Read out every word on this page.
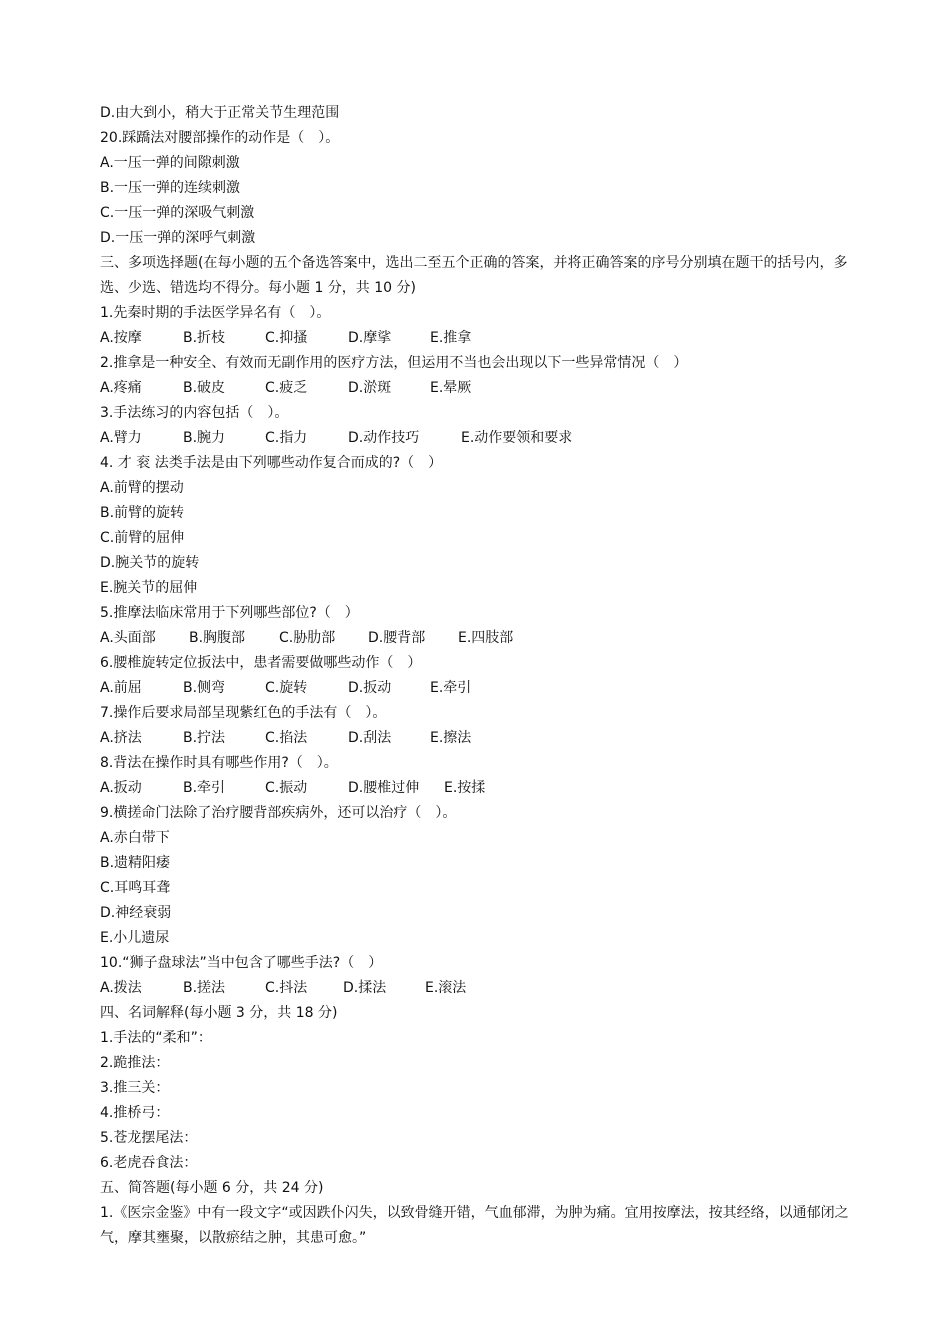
D.由大到小，稍大于正常关节生理范围
20.踩蹻法对腰部操作的动作是（　）。
A.一压一弹的间隙刺激
B.一压一弹的连续刺激
C.一压一弹的深吸气刺激
D.一压一弹的深呼气刺激

三、多项选择题(在每小题的五个备选答案中，选出二至五个正确的答案，并将正确答案的序号分别填在题干的括号内，多选、少选、错选均不得分。每小题 1 分，共 10 分)

1.先秦时期的手法医学异名有（　）。
A.按摩	B.折枝	C.抑搔	D.摩挲	E.推拿
2.推拿是一种安全、有效而无副作用的医疗方法，但运用不当也会出现以下一些异常情况（　）
A.疼痛	B.破皮	C.疲乏	D.淤斑	E.晕厥
3.手法练习的内容包括（　）。
A.臂力	B.腕力	C.指力	D.动作技巧	E.动作要领和要求
4. 才 衮 法类手法是由下列哪些动作复合而成的?（　）
A.前臂的摆动
B.前臂的旋转
C.前臂的屈伸
D.腕关节的旋转
E.腕关节的屈伸
5.推摩法临床常用于下列哪些部位?（　）
A.头面部 B.胸腹部 C.胁肋部 D.腰背部 E.四肢部
6.腰椎旋转定位扳法中，患者需要做哪些动作（　）
A.前屈	B.侧弯	C.旋转	D.扳动	E.牵引
7.操作后要求局部呈现紫红色的手法有（　）。
A.挤法	B.拧法	C.掐法	D.刮法	E.擦法
8.背法在操作时具有哪些作用?（　）。
A.扳动	B.牵引	C.振动	D.腰椎过伸 E.按揉
9.横搓命门法除了治疗腰背部疾病外，还可以治疗（　）。
A.赤白带下
B.遗精阳痿
C.耳鸣耳聋
D.神经衰弱
E.小儿遗尿
10.“狮子盘球法”当中包含了哪些手法?（　）
A.拨法	B.搓法	C.抖法	D.揉法	E.滚法
四、名词解释(每小题 3 分，共 18 分)
1.手法的“柔和”：
2.跪推法：
3.推三关：
4.推桥弓：
5.苍龙摆尾法：
6.老虎吞食法：
五、简答题(每小题 6 分，共 24 分)

1.《医宗金鉴》中有一段文字“或因跌仆闪失，以致骨缝开错，气血郁滞，为肿为痛。宜用按摩法，按其经络，以通郁闭之气，摩其壅聚，以散瘀结之肿，其患可愈。”
